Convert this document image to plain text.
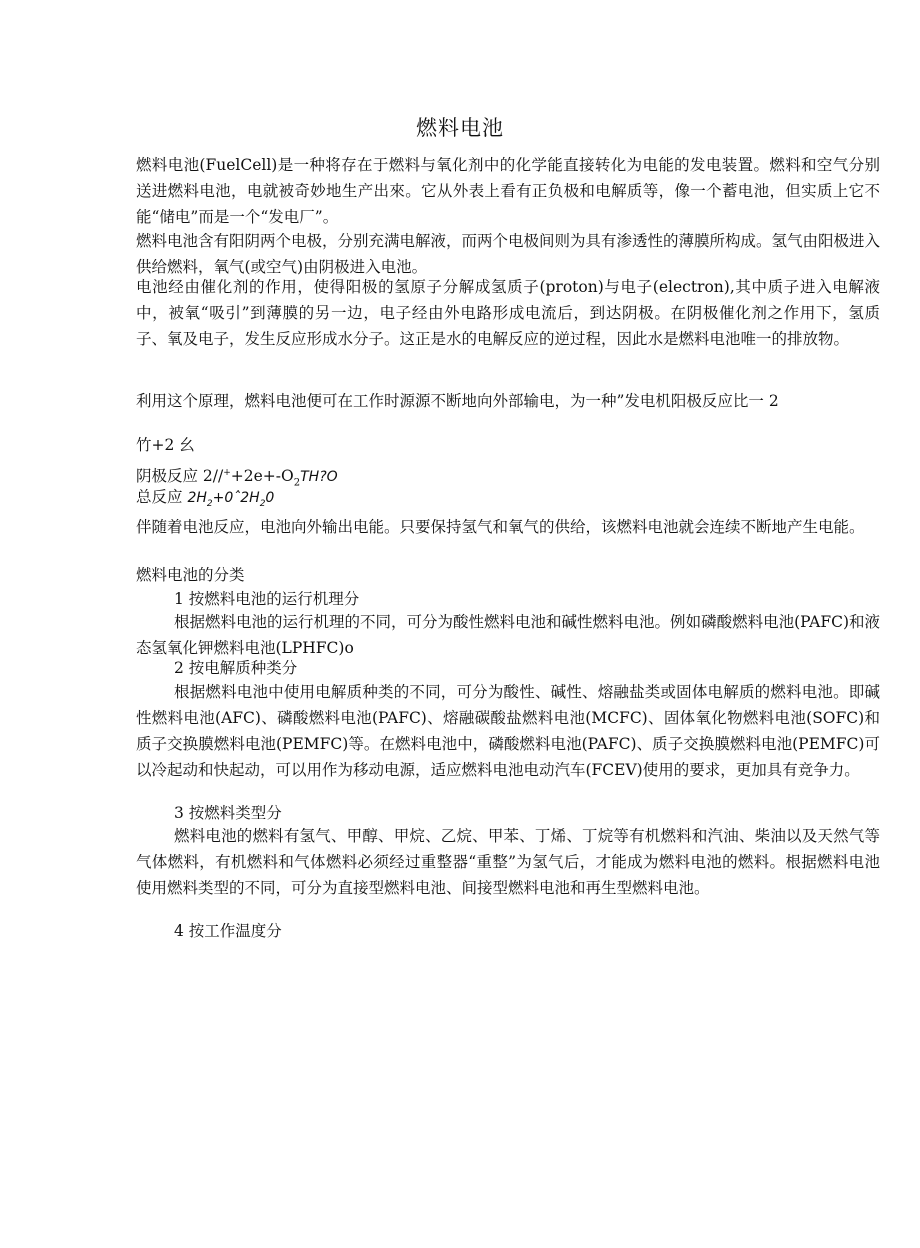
燃料电池
燃料电池(FuelCell)是一种将存在于燃料与氧化剂中的化学能直接转化为电能的发电装置。燃料和空气分别送进燃料电池，电就被奇妙地生产出來。它从外表上看有正负极和电解质等，像一个蓄电池，但实质上它不能“储电”而是一个“发电厂”。
燃料电池含有阳阴两个电极，分别充满电解液，而两个电极间则为具有渗透性的薄膜所构成。氢气由阳极进入供给燃料，氧气(或空气)由阴极进入电池。
电池经由催化剂的作用，使得阳极的氢原子分解成氢质子(proton)与电子(electron),其中质子进入电解液中，被氧“吸引”到薄膜的另一边，电子经由外电路形成电流后，到达阴极。在阴极催化剂之作用下，氢质子、氧及电子，发生反应形成水分子。这正是水的电解反应的逆过程，因此水是燃料电池唯一的排放物。
利用这个原理，燃料电池便可在工作时源源不断地向外部输电，为一种”发电机阳极反应比一 2
竹+2 幺
阴极反应 $2//^++2e+-O_2TH?O$
总反应 $2H_2+0ˆ2H_20$
伴随着电池反应，电池向外输出电能。只要保持氢气和氧气的供给，该燃料电池就会连续不断地产生电能。
燃料电池的分类
1 按燃料电池的运行机理分
根据燃料电池的运行机理的不同，可分为酸性燃料电池和碱性燃料电池。例如磷酸燃料电池(PAFC)和液态氢氧化钾燃料电池(LPHFC)o
2 按电解质种类分
根据燃料电池中使用电解质种类的不同，可分为酸性、碱性、熔融盐类或固体电解质的燃料电池。即碱性燃料电池(AFC)、磷酸燃料电池(PAFC)、熔融碳酸盐燃料电池(MCFC)、固体氧化物燃料电池(SOFC)和质子交换膜燃料电池(PEMFC)等。在燃料电池中，磷酸燃料电池(PAFC)、质子交换膜燃料电池(PEMFC)可以冷起动和快起动，可以用作为移动电源，适应燃料电池电动汽车(FCEV)使用的要求，更加具有竞争力。
3 按燃料类型分
燃料电池的燃料有氢气、甲醇、甲烷、乙烷、甲苯、丁烯、丁烷等有机燃料和汽油、柴油以及天然气等气体燃料，有机燃料和气体燃料必须经过重整器“重整”为氢气后，才能成为燃料电池的燃料。根据燃料电池使用燃料类型的不同，可分为直接型燃料电池、间接型燃料电池和再生型燃料电池。
4 按工作温度分
